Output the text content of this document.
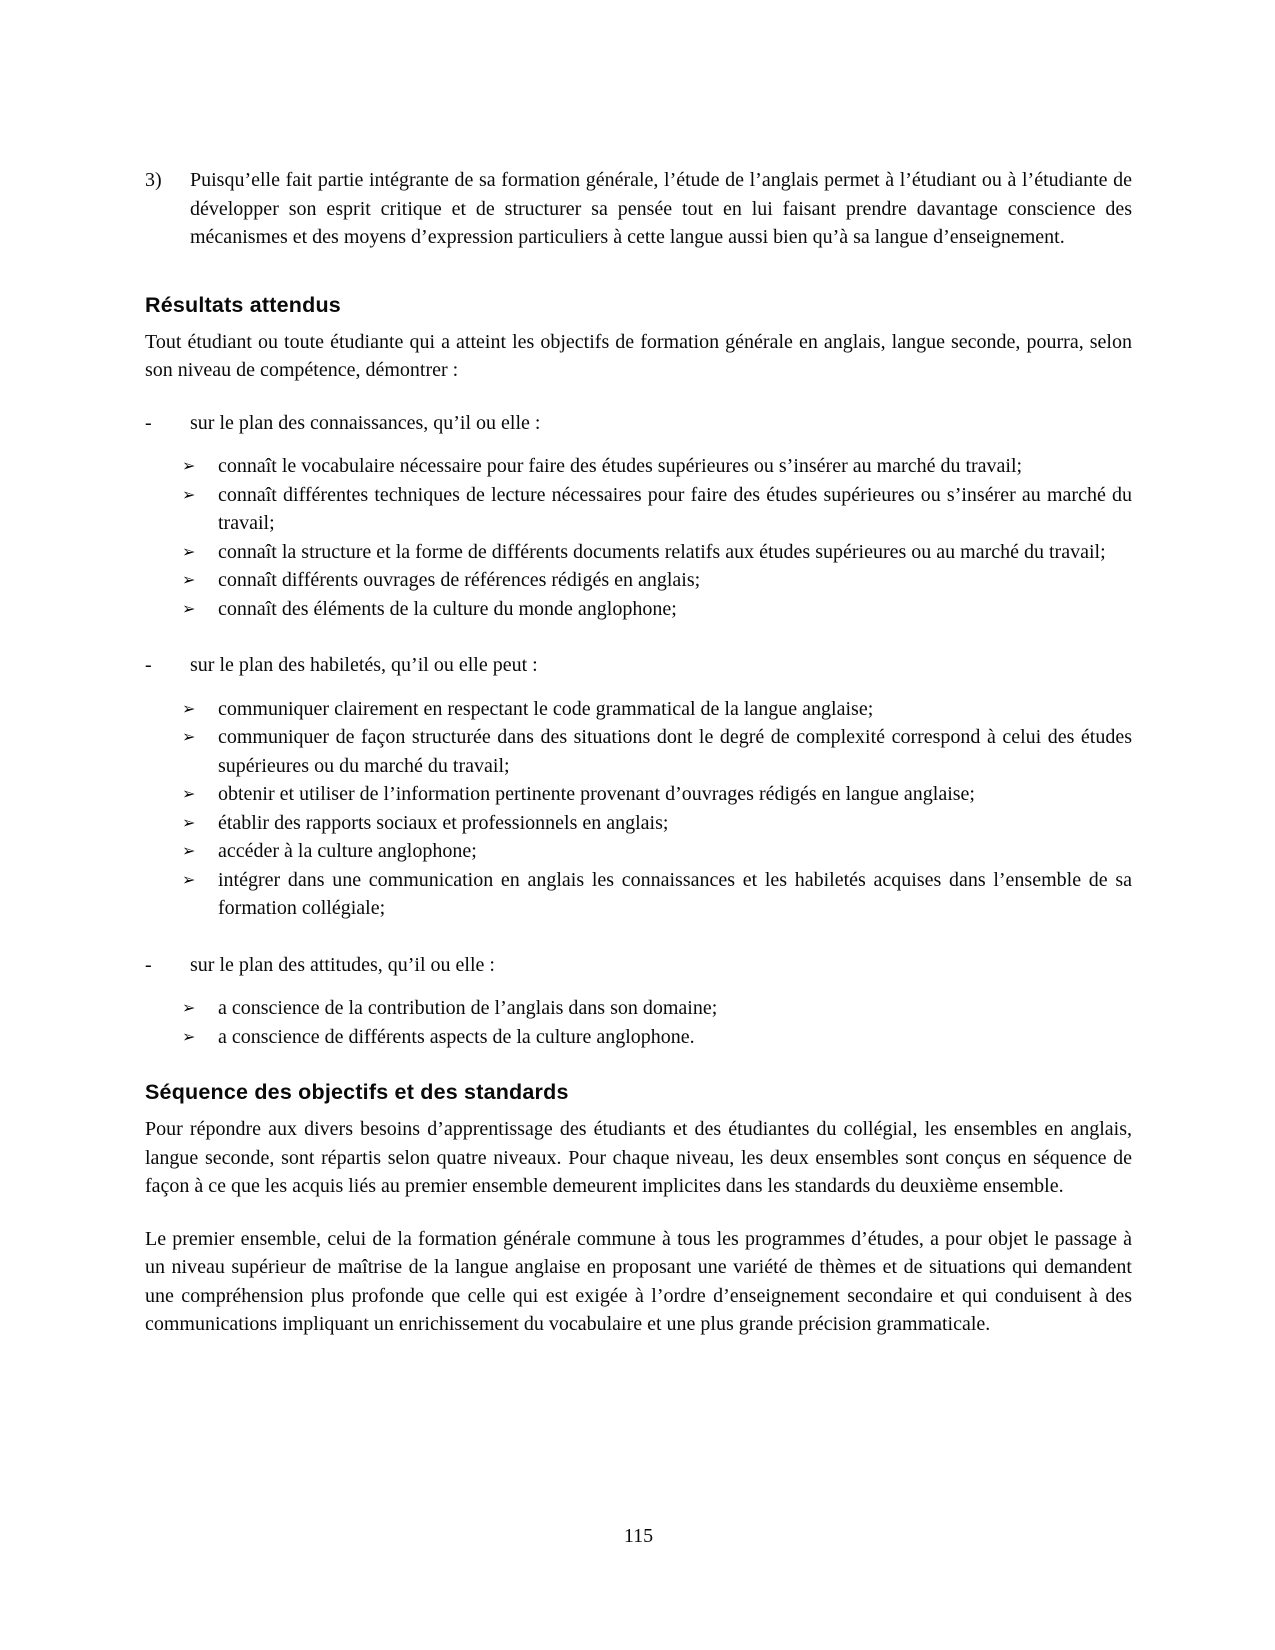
3)	Puisqu’elle fait partie intégrante de sa formation générale, l’étude de l’anglais permet à l’étudiant ou à l’étudiante de développer son esprit critique et de structurer sa pensée tout en lui faisant prendre davantage conscience des mécanismes et des moyens d’expression particuliers à cette langue aussi bien qu’à sa langue d’enseignement.
Résultats attendus

Tout étudiant ou toute étudiante qui a atteint les objectifs de formation générale en anglais, langue seconde, pourra, selon son niveau de compétence, démontrer :

-	sur le plan des connaissances, qu’il ou elle :
➢	connaît le vocabulaire nécessaire pour faire des études supérieures ou s’insérer au marché du travail;
➢	connaît différentes techniques de lecture nécessaires pour faire des études supérieures ou s’insérer au marché du travail;
➢	connaît la structure et la forme de différents documents relatifs aux études supérieures ou au marché du travail;
➢	connaît différents ouvrages de références rédigés en anglais;
➢	connaît des éléments de la culture du monde anglophone;
-	sur le plan des habiletés, qu’il ou elle peut :
➢	communiquer clairement en respectant le code grammatical de la langue anglaise;
➢	communiquer de façon structurée dans des situations dont le degré de complexité correspond à celui des études supérieures ou du marché du travail;
➢	obtenir et utiliser de l’information pertinente provenant d’ouvrages rédigés en langue anglaise;
➢	établir des rapports sociaux et professionnels en anglais;
➢	accéder à la culture anglophone;
➢	intégrer dans une communication en anglais les connaissances et les habiletés acquises dans l’ensemble de sa formation collégiale;
-	sur le plan des attitudes, qu’il ou elle :
➢	a conscience de la contribution de l’anglais dans son domaine;
➢	a conscience de différents aspects de la culture anglophone.
Séquence des objectifs et des standards

Pour répondre aux divers besoins d’apprentissage des étudiants et des étudiantes du collégial, les ensembles en anglais, langue seconde, sont répartis selon quatre niveaux. Pour chaque niveau, les deux ensembles sont conçus en séquence de façon à ce que les acquis liés au premier ensemble demeurent implicites dans les standards du deuxième ensemble.

Le premier ensemble, celui de la formation générale commune à tous les programmes d’études, a pour objet le passage à un niveau supérieur de maîtrise de la langue anglaise en proposant une variété de thèmes et de situations qui demandent une compréhension plus profonde que celle qui est exigée à l’ordre d’enseignement secondaire et qui conduisent à des communications impliquant un enrichissement du vocabulaire et une plus grande précision grammaticale.

115
